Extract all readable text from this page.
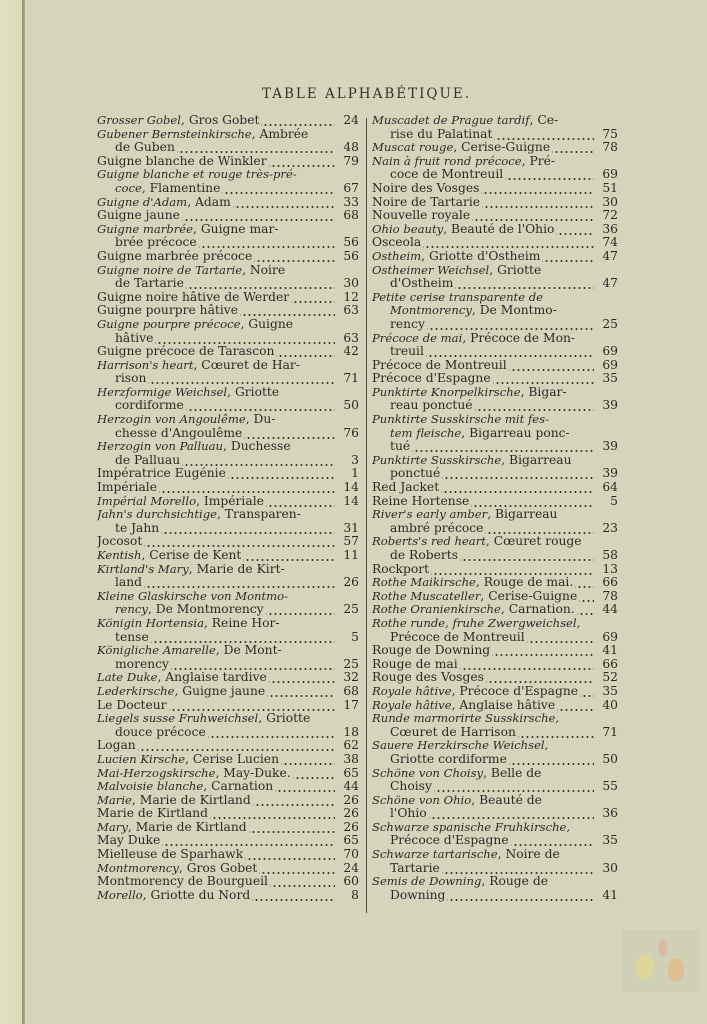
TABLE ALPHABÉTIQUE.
Grosser Gobel, Gros Gobet	24
Gubener Bernsteinkirsche, Ambrée
de Guben	48
Guigne blanche de Winkler	79
Guigne blanche et rouge très-pré-
coce, Flamentine	67
Guigne d'Adam, Adam	33
Guigne jaune	68
Guigne marbrée, Guigne mar-
brée précoce	56
Guigne marbrée précoce	56
Guigne noire de Tartarie, Noire
de Tartarie	30
Guigne noire hâtive de Werder	12
Guigne pourpre hâtive	63
Guigne pourpre précoce, Guigne
hâtive	63
Guigne précoce de Tarascon	42
Harrison's heart, Cœuret de Har-
rison	71
Herzformige Weichsel, Griotte
cordiforme	50
Herzogin von Angoulême, Du-
chesse d'Angoulême	76
Herzogin von Palluau, Duchesse
de Palluau	3
Impératrice Eugénie	1
Impériale	14
Impérial Morello, Impériale	14
Jahn's durchsichtige, Transparen-
te Jahn	31
Jocosot	57
Kentish, Cerise de Kent	11
Kirtland's Mary, Marie de Kirt-
land	26
Kleine Glaskirsche von Montmo-
rency, De Montmorency	25
Königin Hortensia, Reine Hor-
tense	5
Königliche Amarelle, De Mont-
morency	25
Late Duke, Anglaise tardive	32
Lederkirsche, Guigne jaune	68
Le Docteur	17
Liegels susse Fruhweichsel, Griotte
douce précoce	18
Logan	62
Lucien Kirsche, Cerise Lucien	38
Mai-Herzogskirsche, May-Duke.	65
Malvoisie blanche, Carnation	44
Marie, Marie de Kirtland	26
Marie de Kirtland	26
Mary, Marie de Kirtland	26
May Duke	65
Mielleuse de Sparhawk	70
Montmorency, Gros Gobet	24
Montmorency de Bourgueil	60
Morello, Griotte du Nord	8
Muscadet de Prague tardif, Ce-
rise du Palatinat	75
Muscat rouge, Cerise-Guigne	78
Nain à fruit rond précoce, Pré-
coce de Montreuil	69
Noire des Vosges	51
Noire de Tartarie	30
Nouvelle royale	72
Ohio beauty, Beauté de l'Ohio	36
Osceola	74
Ostheim, Griotte d'Ostheim	47
Ostheimer Weichsel, Griotte
d'Ostheim	47
Petite cerise transparente de
Montmorency, De Montmo-
rency	25
Précoce de mai, Précoce de Mon-
treuil	69
Précoce de Montreuil	69
Précoce d'Espagne	35
Punktirte Knorpelkirsche, Bigar-
reau ponctué	39
Punktirte Susskirsche mit fes-
tem fleische, Bigarreau ponc-
tué	39
Punktirte Susskirsche, Bigarreau
ponctué	39
Red Jacket	64
Reine Hortense	5
River's early amber, Bigarreau
ambré précoce	23
Roberts's red heart, Cœuret rouge
de Roberts	58
Rockport	13
Rothe Maikirsche, Rouge de mai.	66
Rothe Muscateller, Cerise-Guigne	78
Rothe Oranienkirsche, Carnation.	44
Rothe runde, fruhe Zwergweichsel,
Précoce de Montreuil	69
Rouge de Downing	41
Rouge de mai	66
Rouge des Vosges	52
Royale hâtive, Précoce d'Espagne	35
Royale hâtive, Anglaise hâtive	40
Runde marmorirte Susskirsche,
Cœuret de Harrison	71
Sauere Herzkirsche Weichsel,
Griotte cordiforme	50
Schöne von Choisy, Belle de
Choisy	55
Schöne von Ohio, Beauté de
l'Ohio	36
Schwarze spanische Fruhkirsche,
Précoce d'Espagne	35
Schwarze tartarische, Noire de
Tartarie	30
Semis de Downing, Rouge de
Downing	41
